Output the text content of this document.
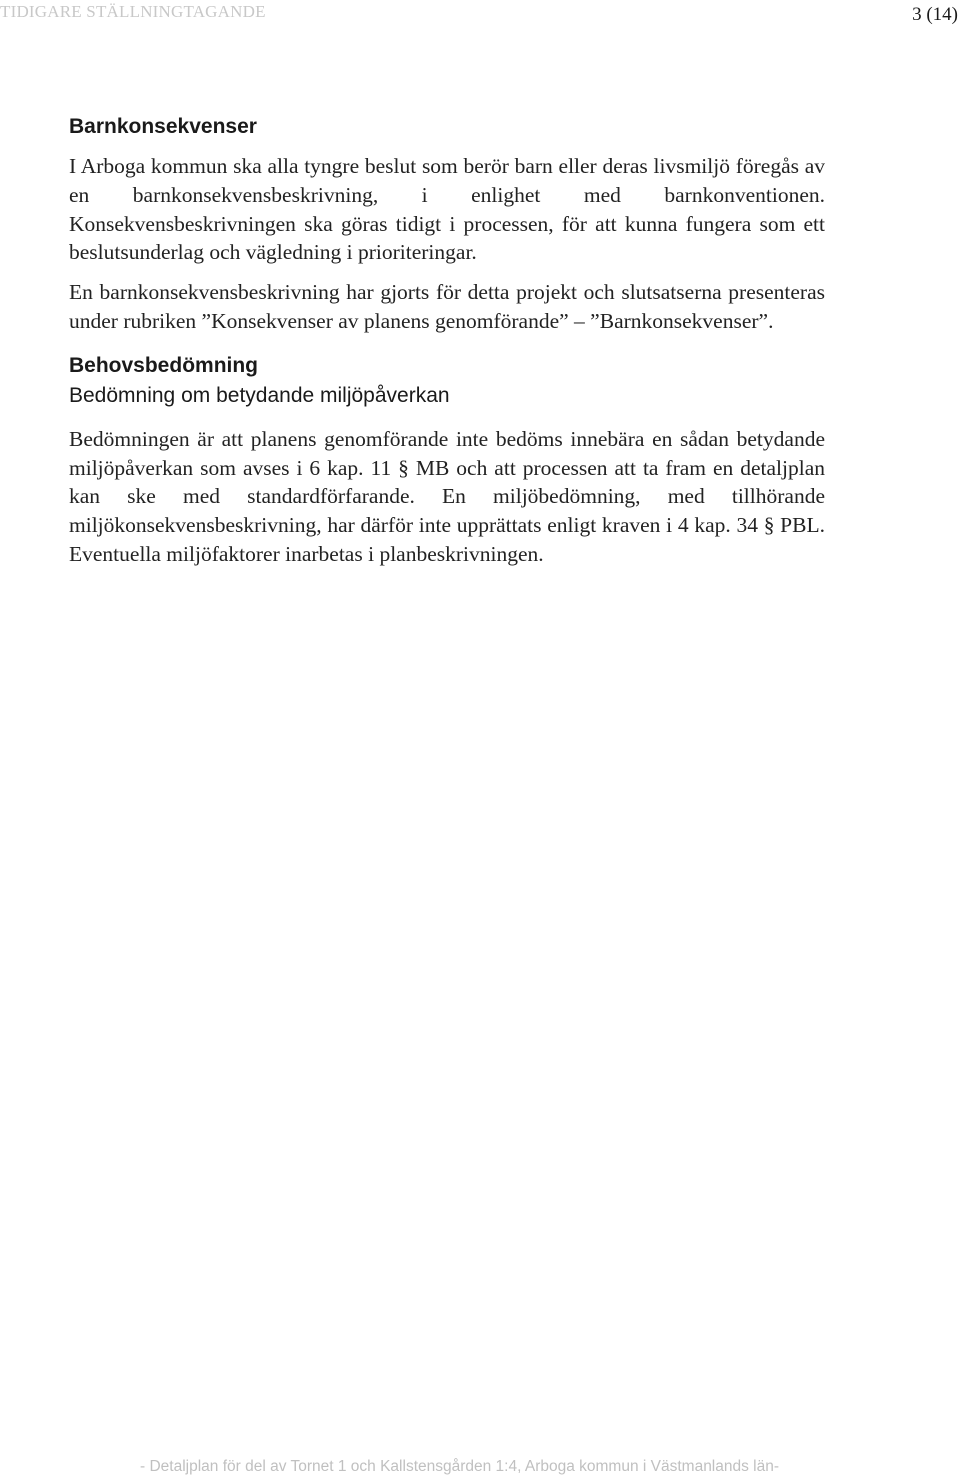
TIDIGARE STÄLLNINGTAGANDE	3 (14)
Barnkonsekvenser

I Arboga kommun ska alla tyngre beslut som berör barn eller deras livsmiljö föregås av en barnkonsekvensbeskrivning, i enlighet med barnkonventionen. Konsekvensbeskrivningen ska göras tidigt i processen, för att kunna fungera som ett beslutsunderlag och vägledning i prioriteringar.

En barnkonsekvensbeskrivning har gjorts för detta projekt och slutsatserna presenteras under rubriken ”Konsekvenser av planens genomförande” – ”Barnkonsekvenser”.

Behovsbedömning
Bedömning om betydande miljöpåverkan

Bedömningen är att planens genomförande inte bedöms innebära en sådan betydande miljöpåverkan som avses i 6 kap. 11 § MB och att processen att ta fram en detaljplan kan ske med standardförfarande. En miljöbedömning, med tillhörande miljökonsekvensbeskrivning, har därför inte upprättats enligt kraven i 4 kap. 34 § PBL. Eventuella miljöfaktorer inarbetas i planbeskrivningen.

- Detaljplan för del av Tornet 1 och Kallstensgården 1:4, Arboga kommun i Västmanlands län-
